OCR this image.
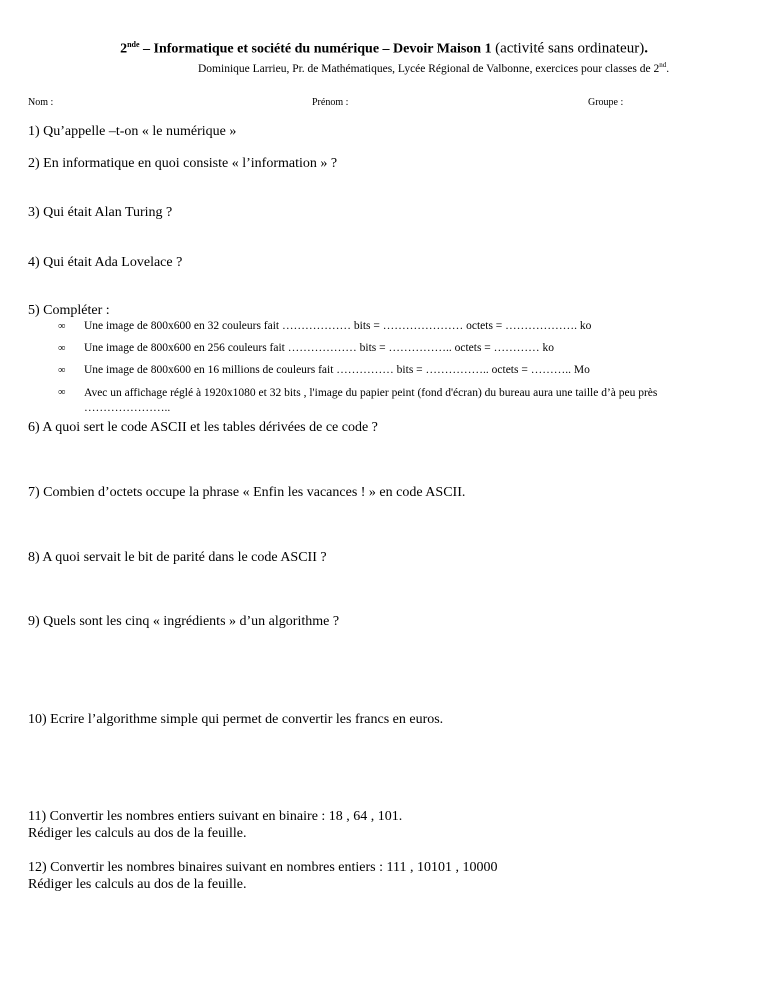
2nde – Informatique et société du numérique – Devoir Maison 1 (activité sans ordinateur).
Dominique Larrieu, Pr. de Mathématiques, Lycée Régional de Valbonne, exercices pour classes de 2nd.
Nom :	Prénom :	Groupe :
1) Qu’appelle –t-on « le numérique »
2) En informatique en quoi consiste « l’information » ?
3) Qui était Alan Turing ?
4) Qui était Ada Lovelace ?
5) Compléter :
∞ Une image de 800x600 en 32 couleurs fait ……………… bits = ………………… octets = ………………. ko
∞ Une image de 800x600 en 256 couleurs fait ……………… bits = …………….. octets = ………… ko
∞ Une image de 800x600 en 16 millions de couleurs fait …………… bits = …………….. octets = ……….. Mo
∞ Avec un affichage réglé à 1920x1080 et 32 bits , l'image du papier peint (fond d'écran) du bureau aura une taille d’à peu près …………………..
6) A quoi sert le code ASCII et les tables dérivées de ce code ?
7) Combien d’octets occupe la phrase « Enfin les vacances ! » en code ASCII.
8) A quoi servait le bit de parité dans le code ASCII ?
9) Quels sont les cinq « ingrédients » d’un algorithme ?
10) Ecrire l’algorithme simple qui permet de convertir les francs en euros.
11) Convertir les nombres entiers suivant en binaire : 18 , 64 , 101.
Rédiger les calculs au dos de la feuille.
12) Convertir les nombres binaires suivant en nombres entiers : 111 , 10101 , 10000
Rédiger les calculs au dos de la feuille.
